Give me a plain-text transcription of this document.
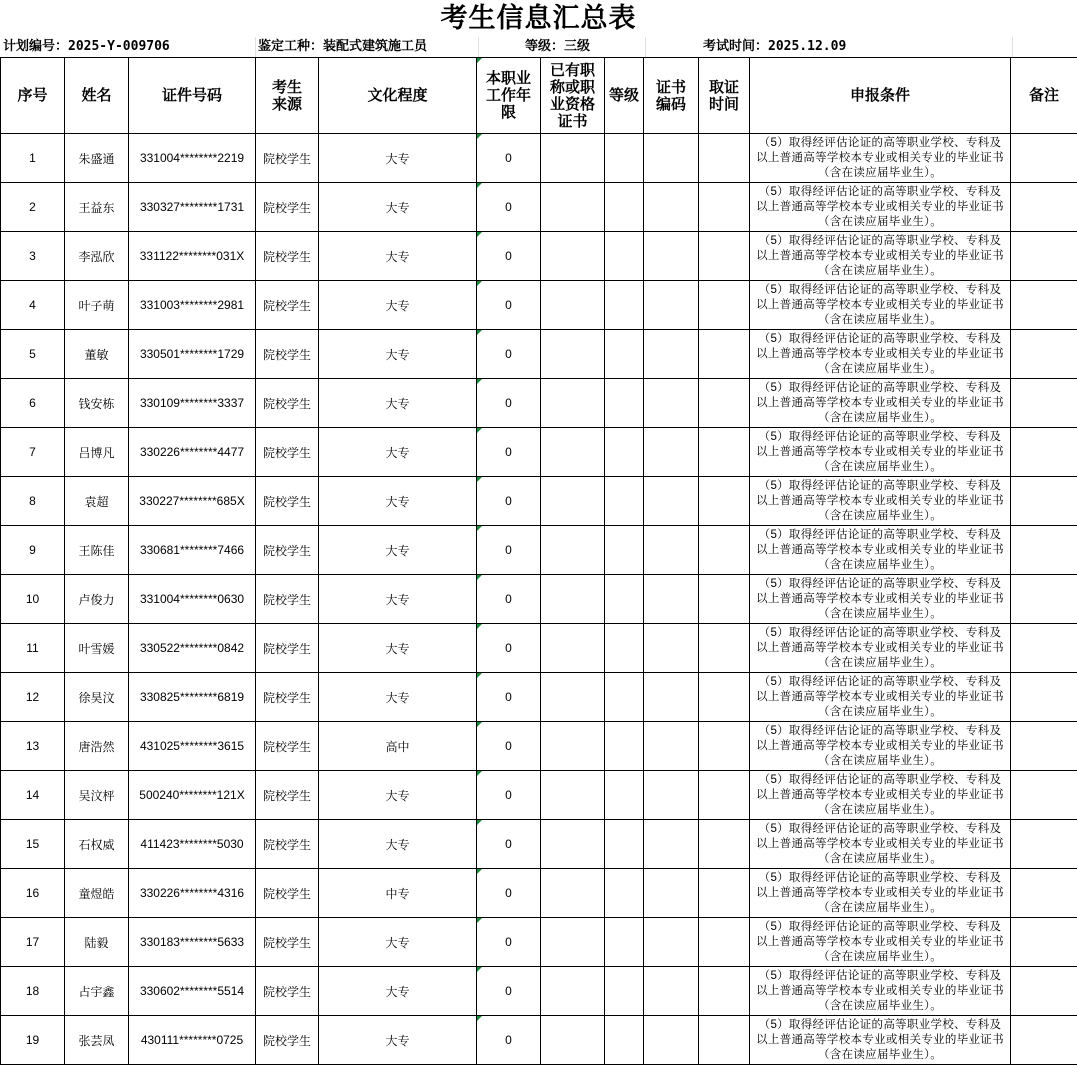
考生信息汇总表
计划编号：2025-Y-009706	鉴定工种：装配式建筑施工员	等级：三级	考试时间：2025.12.09
序号	姓名	证件号码	考生来源	文化程度	本职业工作年限	已有职称或职业资格证书	等级	证书编码	取证时间	申报条件	备注
1	朱盛通	331004********2219	院校学生	大专	0					（5）取得经评估论证的高等职业学校、专科及以上普通高等学校本专业或相关专业的毕业证书（含在读应届毕业生）。	
2	王益东	330327********1731	院校学生	大专	0					（5）取得经评估论证的高等职业学校、专科及以上普通高等学校本专业或相关专业的毕业证书（含在读应届毕业生）。	
3	李泓欣	331122********031X	院校学生	大专	0					（5）取得经评估论证的高等职业学校、专科及以上普通高等学校本专业或相关专业的毕业证书（含在读应届毕业生）。	
4	叶子萌	331003********2981	院校学生	大专	0					（5）取得经评估论证的高等职业学校、专科及以上普通高等学校本专业或相关专业的毕业证书（含在读应届毕业生）。	
5	董敏	330501********1729	院校学生	大专	0					（5）取得经评估论证的高等职业学校、专科及以上普通高等学校本专业或相关专业的毕业证书（含在读应届毕业生）。	
6	钱安栋	330109********3337	院校学生	大专	0					（5）取得经评估论证的高等职业学校、专科及以上普通高等学校本专业或相关专业的毕业证书（含在读应届毕业生）。	
7	吕博凡	330226********4477	院校学生	大专	0					（5）取得经评估论证的高等职业学校、专科及以上普通高等学校本专业或相关专业的毕业证书（含在读应届毕业生）。	
8	袁超	330227********685X	院校学生	大专	0					（5）取得经评估论证的高等职业学校、专科及以上普通高等学校本专业或相关专业的毕业证书（含在读应届毕业生）。	
9	王陈佳	330681********7466	院校学生	大专	0					（5）取得经评估论证的高等职业学校、专科及以上普通高等学校本专业或相关专业的毕业证书（含在读应届毕业生）。	
10	卢俊力	331004********0630	院校学生	大专	0					（5）取得经评估论证的高等职业学校、专科及以上普通高等学校本专业或相关专业的毕业证书（含在读应届毕业生）。	
11	叶雪媛	330522********0842	院校学生	大专	0					（5）取得经评估论证的高等职业学校、专科及以上普通高等学校本专业或相关专业的毕业证书（含在读应届毕业生）。	
12	徐昊汶	330825********6819	院校学生	大专	0					（5）取得经评估论证的高等职业学校、专科及以上普通高等学校本专业或相关专业的毕业证书（含在读应届毕业生）。	
13	唐浩然	431025********3615	院校学生	高中	0					（5）取得经评估论证的高等职业学校、专科及以上普通高等学校本专业或相关专业的毕业证书（含在读应届毕业生）。	
14	吴汶枰	500240********121X	院校学生	大专	0					（5）取得经评估论证的高等职业学校、专科及以上普通高等学校本专业或相关专业的毕业证书（含在读应届毕业生）。	
15	石权威	411423********5030	院校学生	大专	0					（5）取得经评估论证的高等职业学校、专科及以上普通高等学校本专业或相关专业的毕业证书（含在读应届毕业生）。	
16	童煜皓	330226********4316	院校学生	中专	0					（5）取得经评估论证的高等职业学校、专科及以上普通高等学校本专业或相关专业的毕业证书（含在读应届毕业生）。	
17	陆毅	330183********5633	院校学生	大专	0					（5）取得经评估论证的高等职业学校、专科及以上普通高等学校本专业或相关专业的毕业证书（含在读应届毕业生）。	
18	占宇鑫	330602********5514	院校学生	大专	0					（5）取得经评估论证的高等职业学校、专科及以上普通高等学校本专业或相关专业的毕业证书（含在读应届毕业生）。	
19	张芸凤	430111********0725	院校学生	大专	0					（5）取得经评估论证的高等职业学校、专科及以上普通高等学校本专业或相关专业的毕业证书（含在读应届毕业生）。	
